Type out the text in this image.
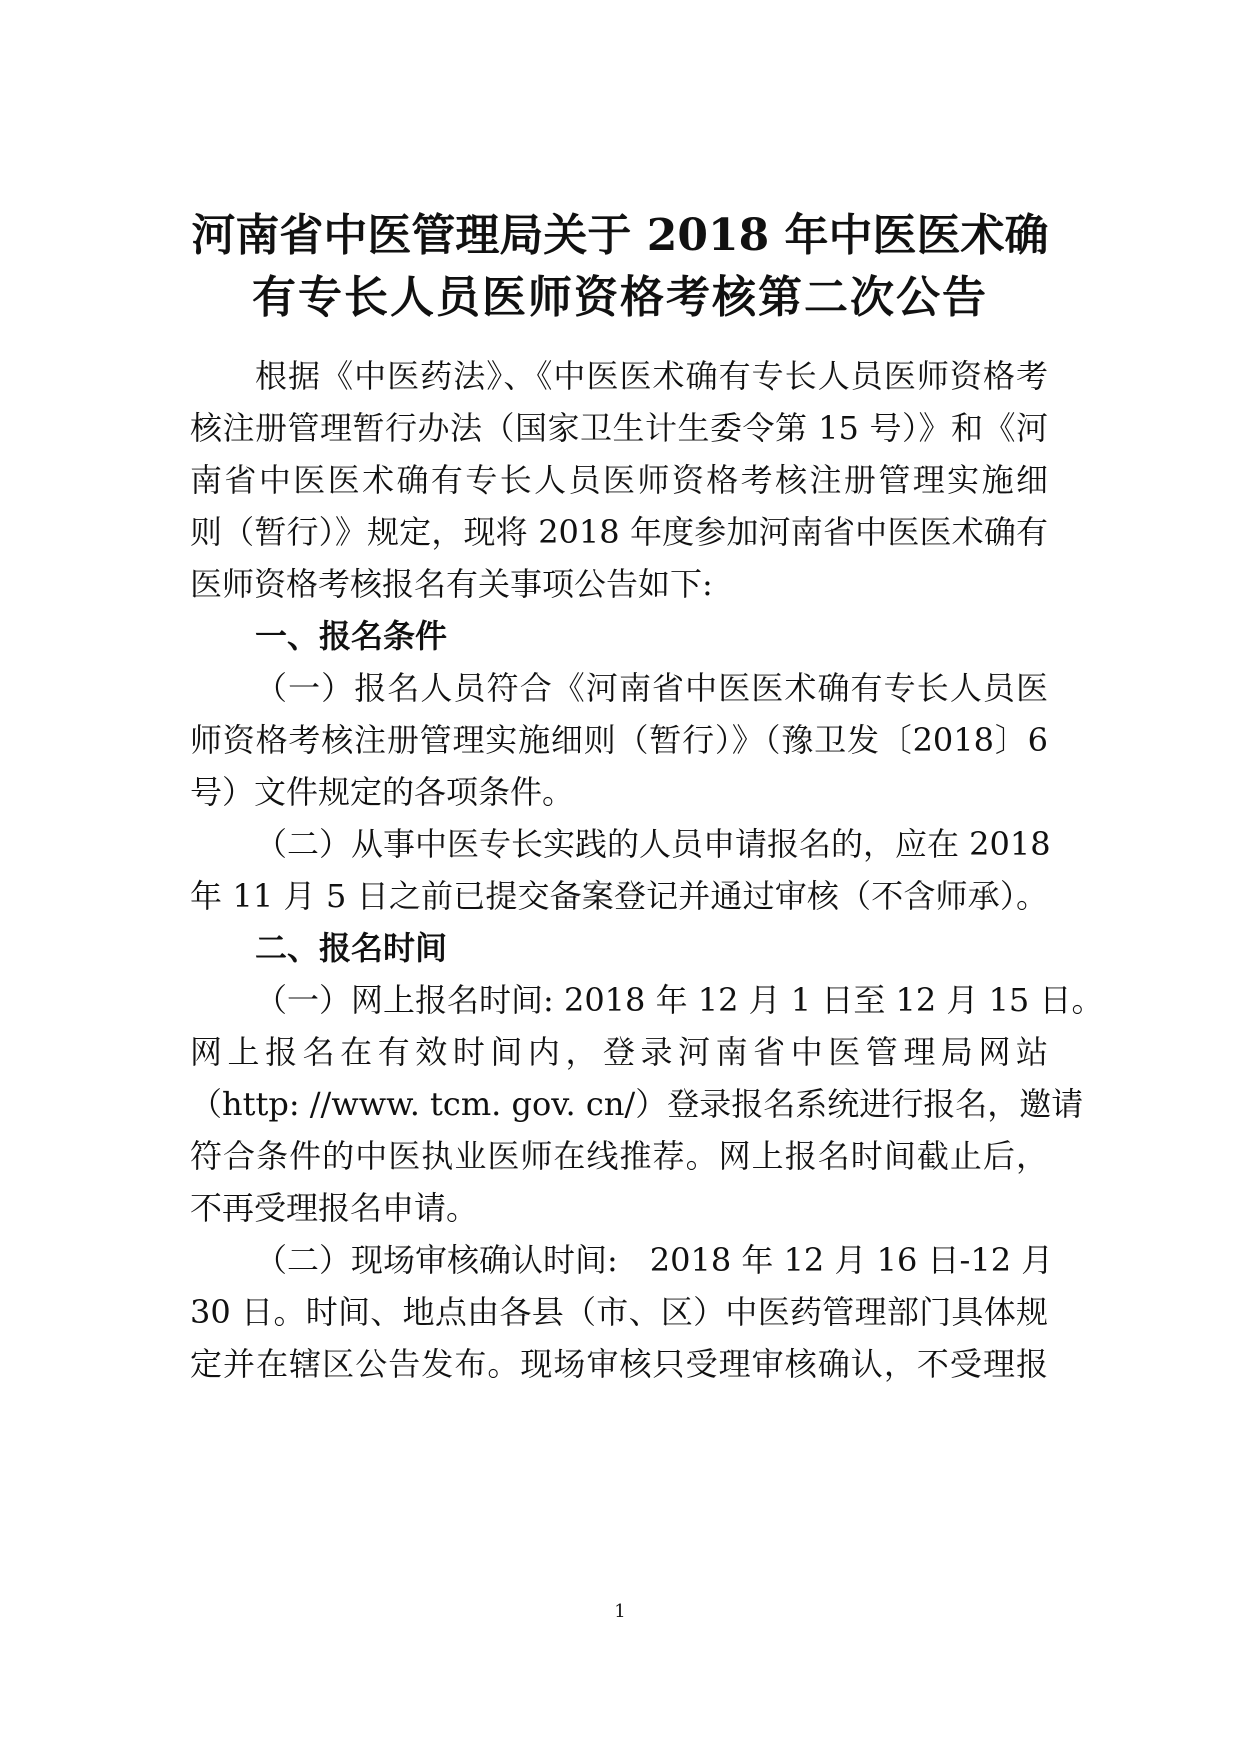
河南省中医管理局关于 2018 年中医医术确
有专长人员医师资格考核第二次公告
根据《中医药法》、《中医医术确有专长人员医师资格考
核注册管理暂行办法（国家卫生计生委令第 15 号）》和《河
南省中医医术确有专长人员医师资格考核注册管理实施细
则（暂行）》规定，现将 2018 年度参加河南省中医医术确有
医师资格考核报名有关事项公告如下:
一、报名条件
（一）报名人员符合《河南省中医医术确有专长人员医
师资格考核注册管理实施细则（暂行）》（豫卫发〔2018〕6
号）文件规定的各项条件。
（二）从事中医专长实践的人员申请报名的，应在 2018
年 11 月 5 日之前已提交备案登记并通过审核（不含师承）。
二、报名时间
（一）网上报名时间: 2018 年 12 月 1 日至 12 月 15 日。
网上报名在有效时间内，登录河南省中医管理局网站
（http: //www. tcm. gov. cn/）登录报名系统进行报名，邀请
符合条件的中医执业医师在线推荐。网上报名时间截止后，
不再受理报名申请。
（二）现场审核确认时间:　2018 年 12 月 16 日-12 月
30 日。时间、地点由各县（市、区）中医药管理部门具体规
定并在辖区公告发布。现场审核只受理审核确认，不受理报
1
